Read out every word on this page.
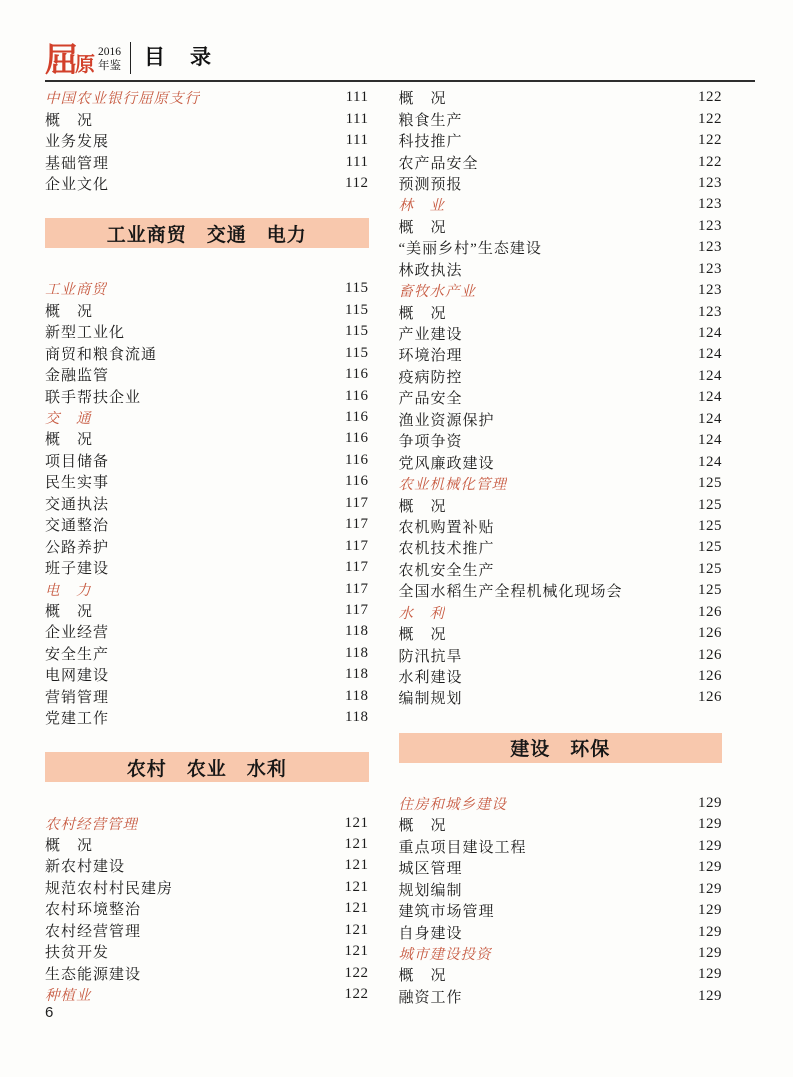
屈 原
2016
年鉴 目　录
中国农业银行屈原支行	111
概　况	111
业务发展	111
基础管理	111
企业文化	112
工业商贸　交通　电力
工业商贸	115
概　况	115
新型工业化	115
商贸和粮食流通	115
金融监管	116
联手帮扶企业	116
交　通	116
概　况	116
项目储备	116
民生实事	116
交通执法	117
交通整治	117
公路养护	117
班子建设	117
电　力	117
概　况	117
企业经营	118
安全生产	118
电网建设	118
营销管理	118
党建工作	118
农村　农业　水利
农村经营管理	121
概　况	121
新农村建设	121
规范农村村民建房	121
农村环境整治	121
农村经营管理	121
扶贫开发	121
生态能源建设	122
种植业	122
概　况	122
粮食生产	122
科技推广	122
农产品安全	122
预测预报	123
林　业	123
概　况	123
“美丽乡村”生态建设	123
林政执法	123
畜牧水产业	123
概　况	123
产业建设	124
环境治理	124
疫病防控	124
产品安全	124
渔业资源保护	124
争项争资	124
党风廉政建设	124
农业机械化管理	125
概　况	125
农机购置补贴	125
农机技术推广	125
农机安全生产	125
全国水稻生产全程机械化现场会	125
水　利	126
概　况	126
防汛抗旱	126
水利建设	126
编制规划	126
建设　环保
住房和城乡建设	129
概　况	129
重点项目建设工程	129
城区管理	129
规划编制	129
建筑市场管理	129
自身建设	129
城市建设投资	129
概　况	129
融资工作	129
6
